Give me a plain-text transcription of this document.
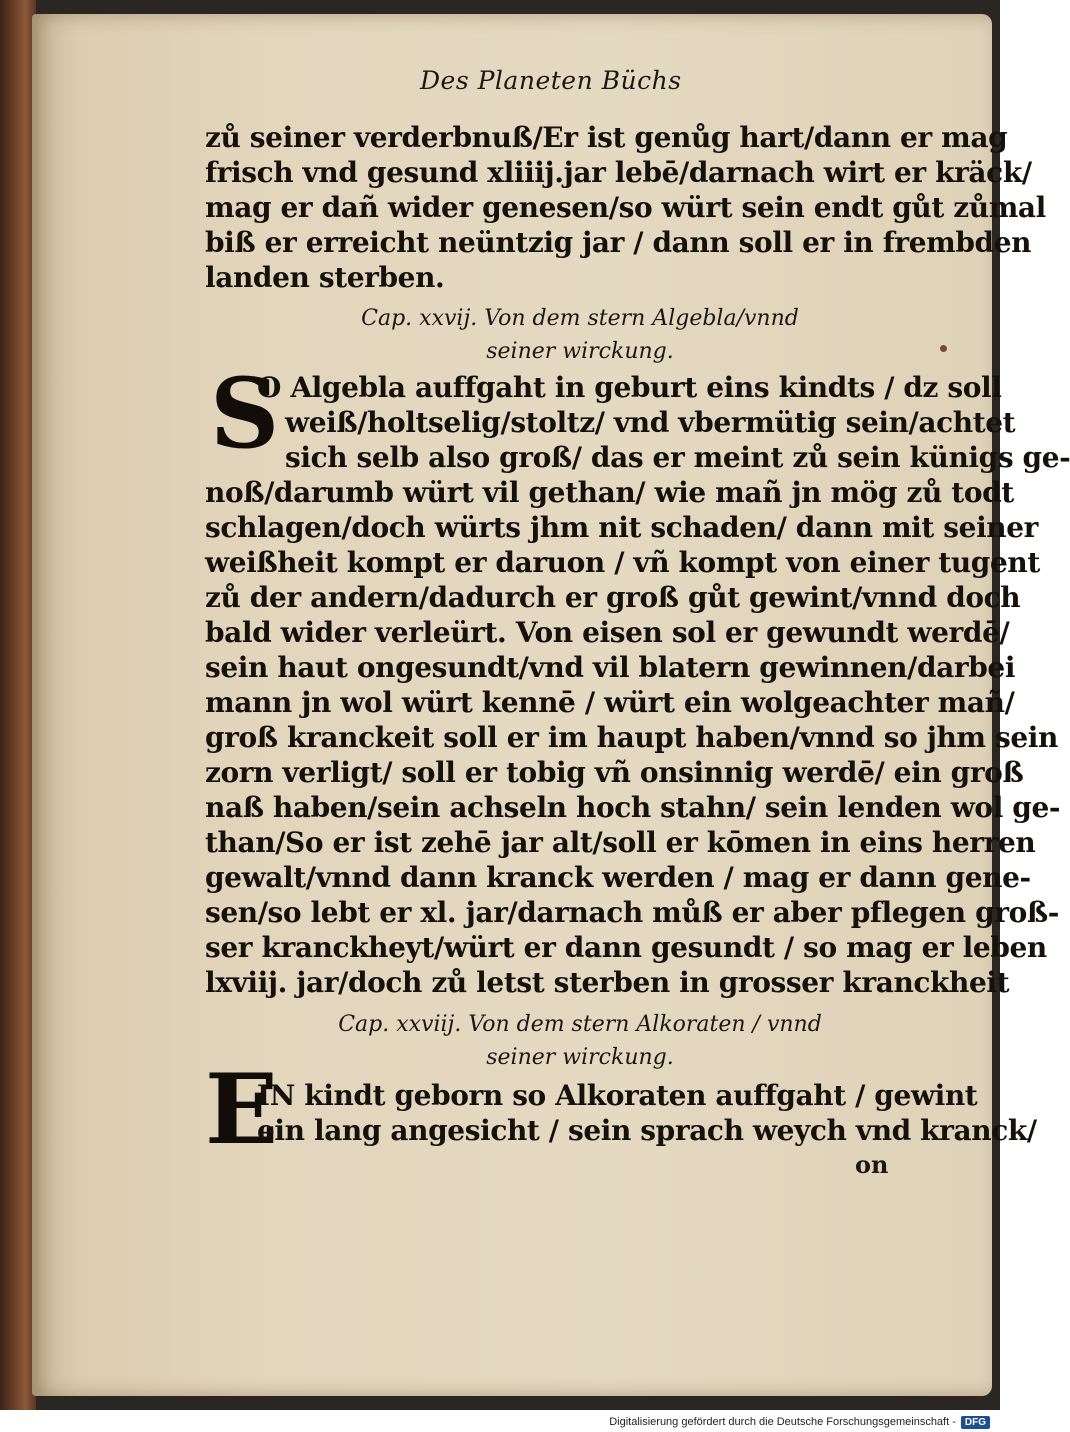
Des Planeten Büchs
zů seiner verderbnuß/Er ist genůg hart/dann er mag
frisch vnd gesund xliiij.jar lebē/darnach wirt er kräck/
mag er dañ wider genesen/so würt sein endt gůt zůmal
biß er erreicht neüntzig jar / dann soll er in frembden
landen sterben.
Cap. xxvij. Von dem stern Algebla/vnnd
seiner wirckung.
S
O Algebla auffgaht in geburt eins kindts / dz soll
weiß/holtselig/stoltz/ vnd vbermütig sein/achtet
sich selb also groß/ das er meint zů sein künigs ge-
noß/darumb würt vil gethan/ wie mañ jn mög zů todt
schlagen/doch würts jhm nit schaden/ dann mit seiner
weißheit kompt er daruon / vñ kompt von einer tugent
zů der andern/dadurch er groß gůt gewint/vnnd doch
bald wider verleürt. Von eisen sol er gewundt werdē/
sein haut ongesundt/vnd vil blatern gewinnen/darbei
mann jn wol würt kennē / würt ein wolgeachter mañ/
groß kranckeit soll er im haupt haben/vnnd so jhm sein
zorn verligt/ soll er tobig vñ onsinnig werdē/ ein groß
naß haben/sein achseln hoch stahn/ sein lenden wol ge-
than/So er ist zehē jar alt/soll er kōmen in eins herren
gewalt/vnnd dann kranck werden / mag er dann gene-
sen/so lebt er xl. jar/darnach můß er aber pflegen groß-
ser kranckheyt/würt er dann gesundt / so mag er leben
lxviij. jar/doch zů letst sterben in grosser kranckheit
Cap. xxviij. Von dem stern Alkoraten / vnnd
seiner wirckung.
E
IN kindt geborn so Alkoraten auffgaht / gewint
ein lang angesicht / sein sprach weych vnd kranck/
on
Digitalisierung gefördert durch die Deutsche Forschungsgemeinschaft - DFG
